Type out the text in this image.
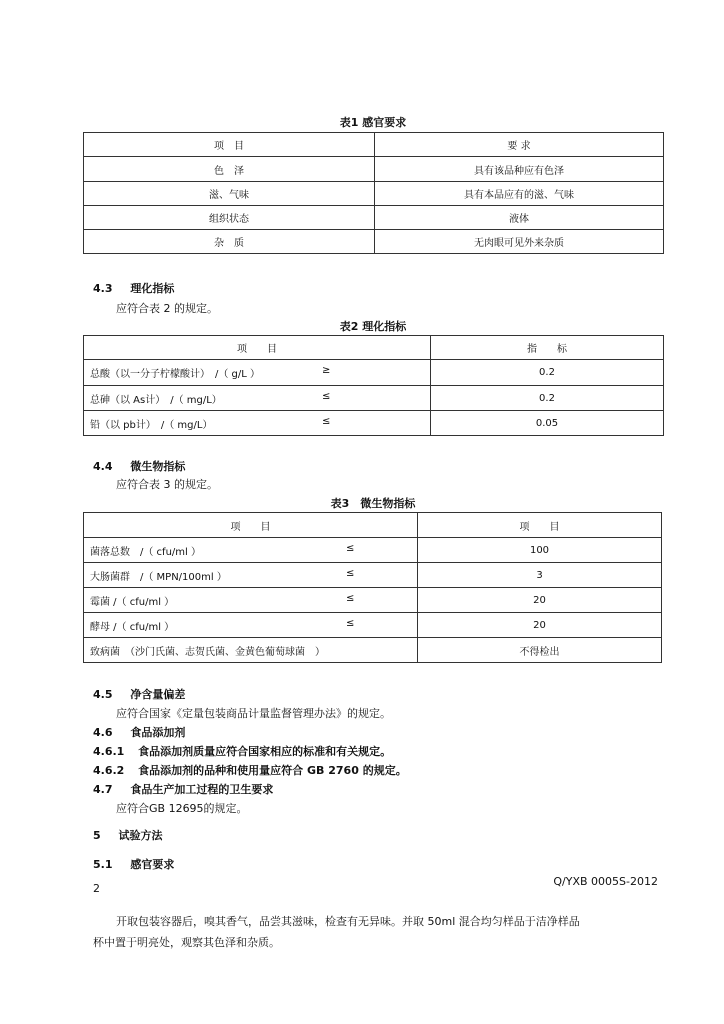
表1 感官要求
项　目	要 求
色　泽	具有该品种应有色泽
滋、气味	具有本品应有的滋、气味
组织状态	液体
杂　质	无肉眼可见外来杂质
4.3 理化指标
应符合表 2 的规定。
表2 理化指标
项　　目	指　　标
总酸（以一分子柠檬酸计）　/（ g/L ） ≥	0.2
总砷（以 As计）　/（ mg/L） ≤	0.2
铅（以 pb计）　/（ mg/L） ≤	0.05
4.4 微生物指标
应符合表 3 的规定。
表3　微生物指标
项　　目	项　　目
菌落总数　/（ cfu/ml ） ≤	100
大肠菌群　/（ MPN/100ml ） ≤	3
霉菌 /（ cfu/ml ） ≤	20
酵母 /（ cfu/ml ） ≤	20
致病菌　（沙门氏菌、志贺氏菌、金黄色葡萄球菌　）	不得检出
4.5 净含量偏差
应符合国家《定量包装商品计量监督管理办法》的规定。
4.6 食品添加剂
4.6.1 食品添加剂质量应符合国家相应的标准和有关规定。
4.6.2 食品添加剂的品种和使用量应符合 GB 2760 的规定。
4.7 食品生产加工过程的卫生要求
应符合GB 12695的规定。
5 试验方法
5.1 感官要求
Q/YXB 0005S-2012
2
开取包装容器后，嗅其香气，品尝其滋味，检查有无异味。并取 50ml 混合均匀样品于洁净样品
杯中置于明亮处，观察其色泽和杂质。
